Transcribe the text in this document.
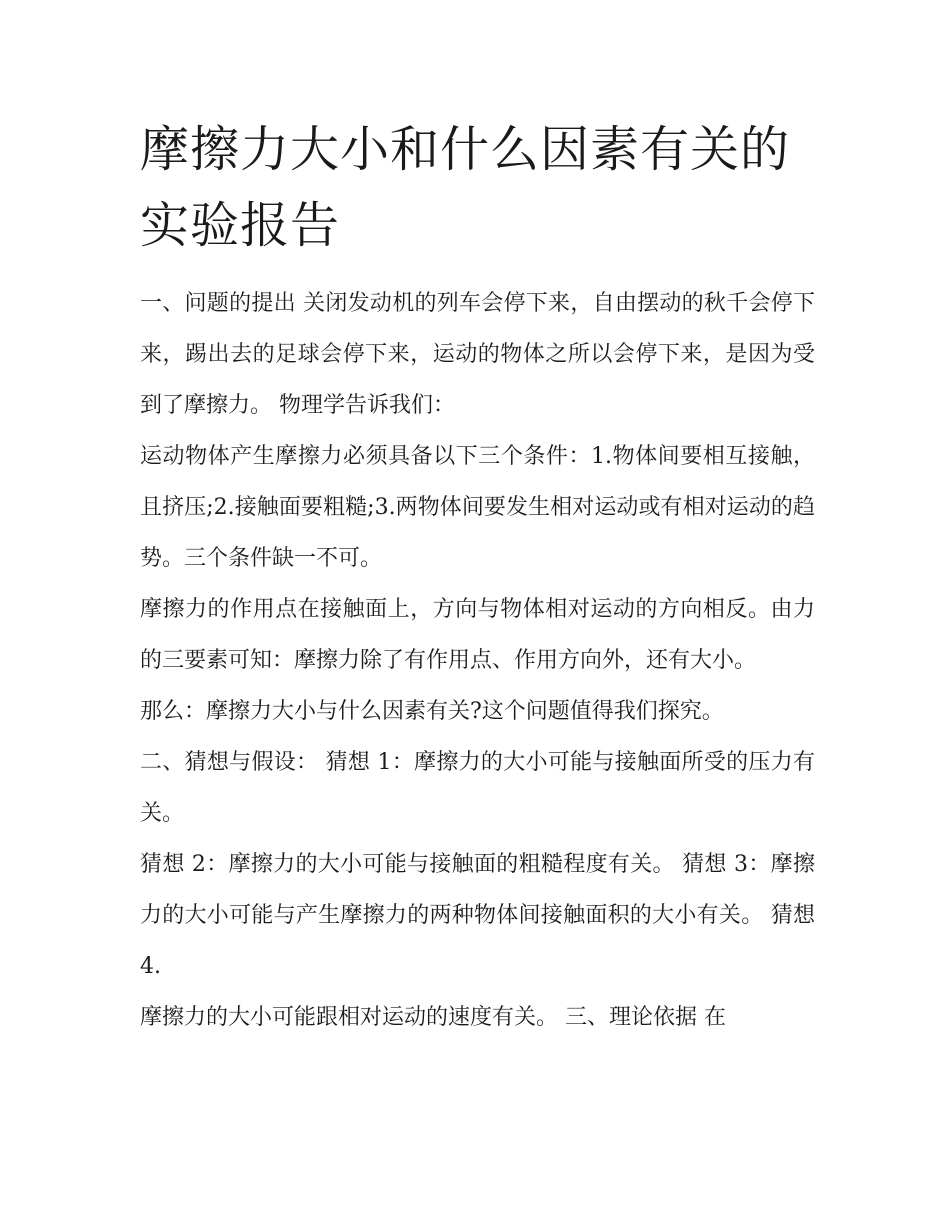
摩擦力大小和什么因素有关的实验报告

一、问题的提出 关闭发动机的列车会停下来，自由摆动的秋千会停下来，踢出去的足球会停下来，运动的物体之所以会停下来，是因为受到了摩擦力。 物理学告诉我们：

运动物体产生摩擦力必须具备以下三个条件：1.物体间要相互接触，且挤压;2.接触面要粗糙;3.两物体间要发生相对运动或有相对运动的趋势。三个条件缺一不可。

摩擦力的作用点在接触面上，方向与物体相对运动的方向相反。由力的三要素可知：摩擦力除了有作用点、作用方向外，还有大小。

那么：摩擦力大小与什么因素有关?这个问题值得我们探究。

二、猜想与假设： 猜想 1：摩擦力的大小可能与接触面所受的压力有关。

猜想 2：摩擦力的大小可能与接触面的粗糙程度有关。 猜想 3：摩擦力的大小可能与产生摩擦力的两种物体间接触面积的大小有关。 猜想 4.

摩擦力的大小可能跟相对运动的速度有关。 三、理论依据 在
